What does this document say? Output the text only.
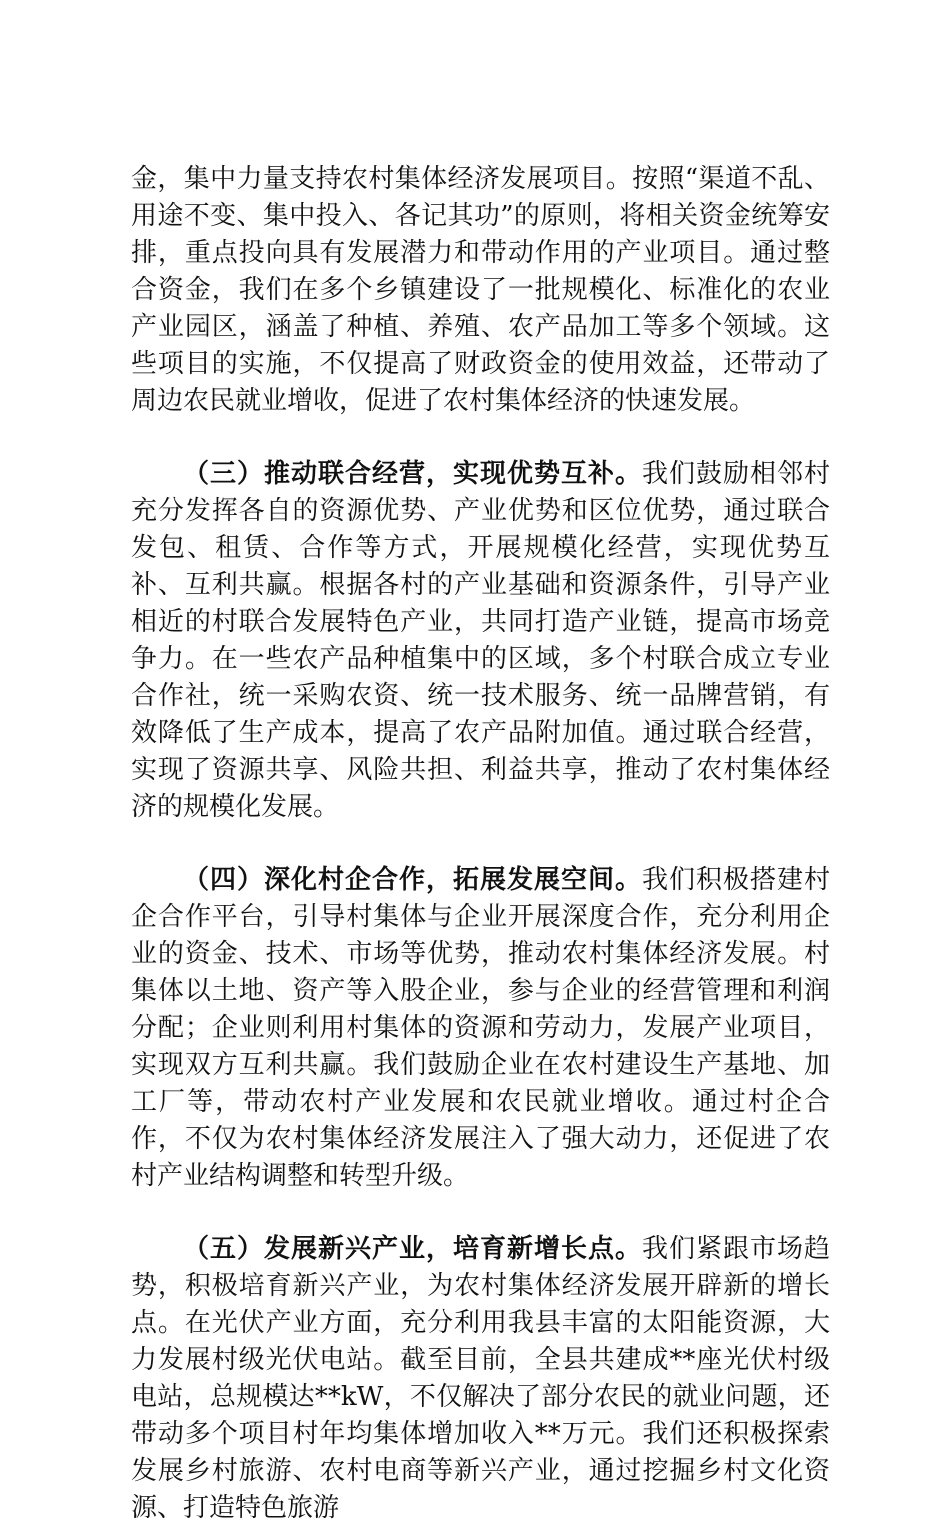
金，集中力量支持农村集体经济发展项目。按照“渠道不乱、用途不变、集中投入、各记其功”的原则，将相关资金统筹安排，重点投向具有发展潜力和带动作用的产业项目。通过整合资金，我们在多个乡镇建设了一批规模化、标准化的农业产业园区，涵盖了种植、养殖、农产品加工等多个领域。这些项目的实施，不仅提高了财政资金的使用效益，还带动了周边农民就业增收，促进了农村集体经济的快速发展。

（三）推动联合经营，实现优势互补。我们鼓励相邻村充分发挥各自的资源优势、产业优势和区位优势，通过联合发包、租赁、合作等方式，开展规模化经营，实现优势互补、互利共赢。根据各村的产业基础和资源条件，引导产业相近的村联合发展特色产业，共同打造产业链，提高市场竞争力。在一些农产品种植集中的区域，多个村联合成立专业合作社，统一采购农资、统一技术服务、统一品牌营销，有效降低了生产成本，提高了农产品附加值。通过联合经营，实现了资源共享、风险共担、利益共享，推动了农村集体经济的规模化发展。

（四）深化村企合作，拓展发展空间。我们积极搭建村企合作平台，引导村集体与企业开展深度合作，充分利用企业的资金、技术、市场等优势，推动农村集体经济发展。村集体以土地、资产等入股企业，参与企业的经营管理和利润分配；企业则利用村集体的资源和劳动力，发展产业项目，实现双方互利共赢。我们鼓励企业在农村建设生产基地、加工厂等，带动农村产业发展和农民就业增收。通过村企合作，不仅为农村集体经济发展注入了强大动力，还促进了农村产业结构调整和转型升级。

（五）发展新兴产业，培育新增长点。我们紧跟市场趋势，积极培育新兴产业，为农村集体经济发展开辟新的增长点。在光伏产业方面，充分利用我县丰富的太阳能资源，大力发展村级光伏电站。截至目前，全县共建成**座光伏村级电站，总规模达**kW，不仅解决了部分农民的就业问题，还带动多个项目村年均集体增加收入**万元。我们还积极探索发展乡村旅游、农村电商等新兴产业，通过挖掘乡村文化资源、打造特色旅游
